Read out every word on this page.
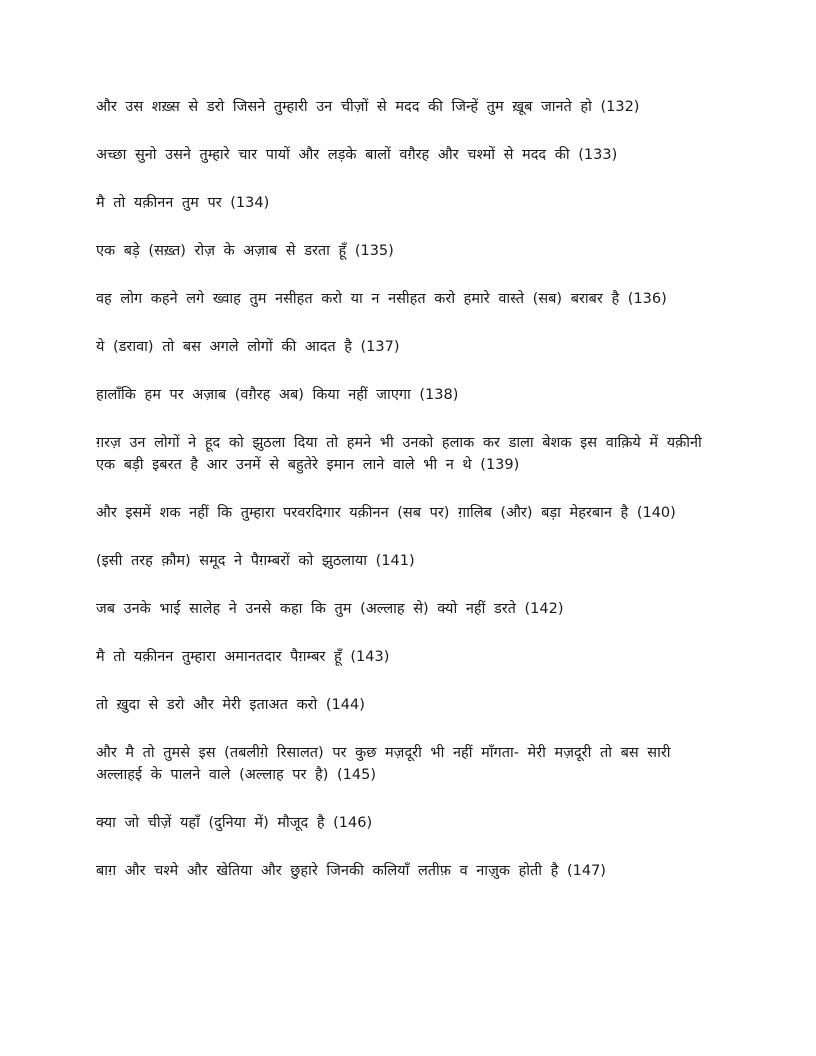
और उस शख़्स से डरो जिसने तुम्हारी उन चीज़ों से मदद की जिन्हें तुम ख़ूब जानते हो (132)

अच्छा सुनो उसने तुम्हारे चार पायों और लड़के बालों वग़ैरह और चश्मों से मदद की (133)

मै तो यक़ीनन तुम पर (134)

एक बड़े (सख़्त) रोज़ के अज़ाब से डरता हूँ (135)

वह लोग कहने लगे ख्वाह तुम नसीहत करो या न नसीहत करो हमारे वास्ते (सब) बराबर है (136)

ये (डरावा) तो बस अगले लोगों की आदत है (137)

हालाँकि हम पर अज़ाब (वग़ैरह अब) किया नहीं जाएगा (138)

ग़रज़ उन लोगों ने हूद को झुठला दिया तो हमने भी उनको हलाक कर डाला बेशक इस वाक़िये में यक़ीनी एक बड़ी इबरत है आर उनमें से बहुतेरे इमान लाने वाले भी न थे (139)

और इसमें शक नहीं कि तुम्हारा परवरदिगार यक़ीनन (सब पर) ग़ालिब (और) बड़ा मेहरबान है (140)

(इसी तरह क़ौम) समूद ने पैग़म्बरों को झुठलाया (141)

जब उनके भाई सालेह ने उनसे कहा कि तुम (अल्लाह से) क्यो नहीं डरते (142)

मै तो यक़ीनन तुम्हारा अमानतदार पैग़म्बर हूँ (143)

तो ख़ुदा से डरो और मेरी इताअत करो (144)

और मै तो तुमसे इस (तबलीग़े रिसालत) पर कुछ मज़दूरी भी नहीं माँगता- मेरी मज़दूरी तो बस सारी अल्लाहई के पालने वाले (अल्लाह पर है) (145)

क्या जो चीज़ें यहाँ (दुनिया में) मौजूद है (146)

बाग़ और चश्मे और खेतिया और छुहारे जिनकी कलियाँ लतीफ़ व नाज़ुक होती है (147)
